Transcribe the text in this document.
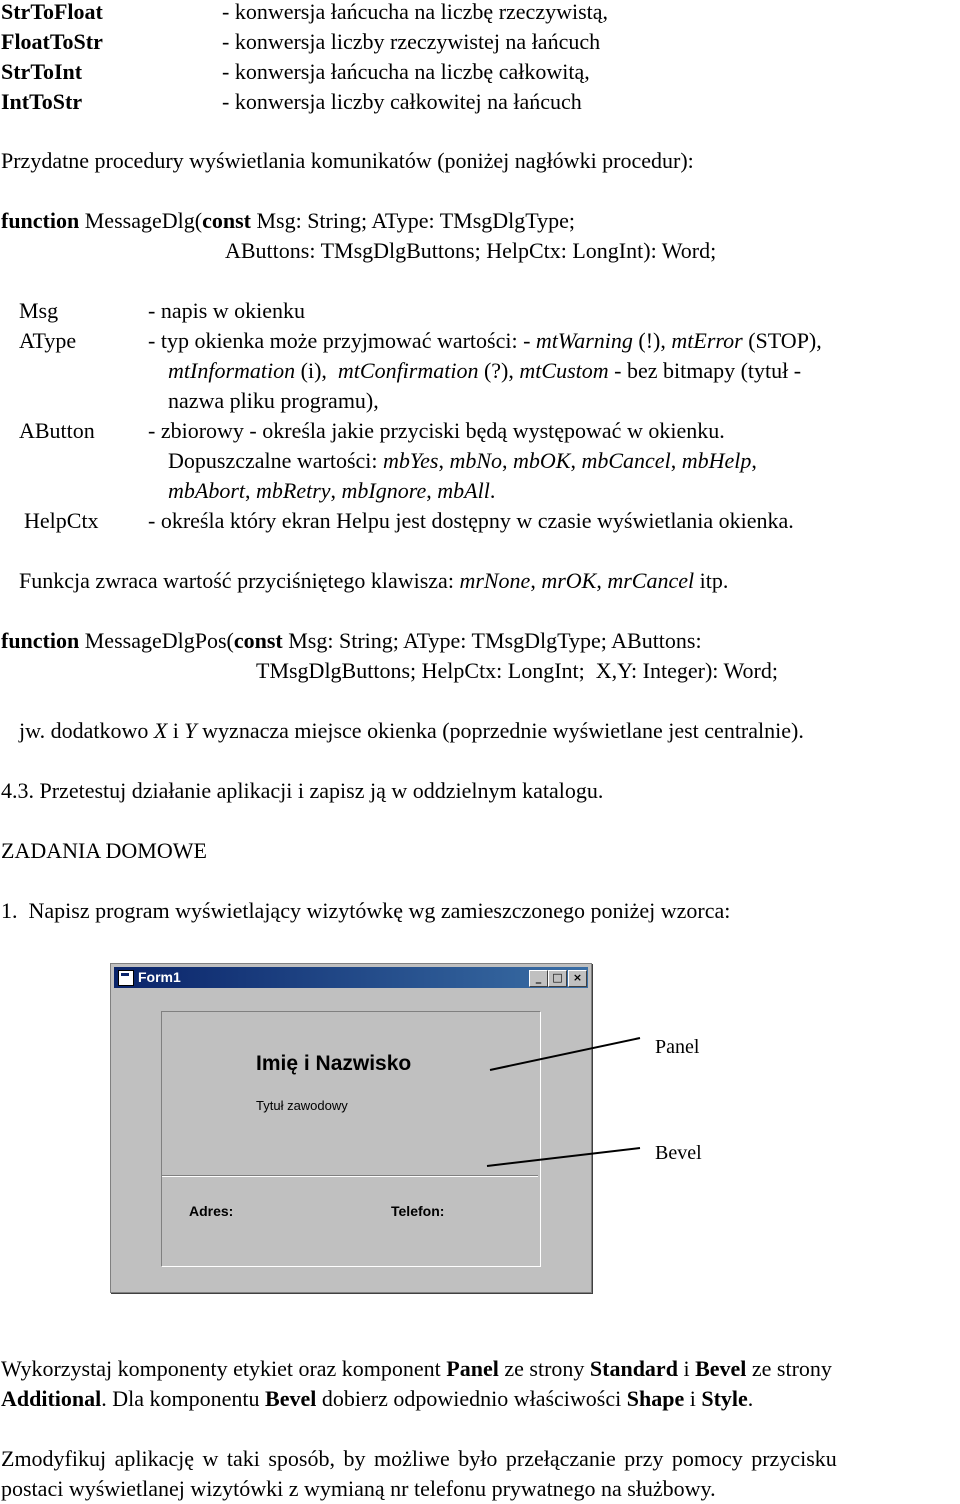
StrToFloat	- konwersja łańcucha na liczbę rzeczywistą,
FloatToStr	- konwersja liczby rzeczywistej na łańcuch
StrToInt	- konwersja łańcucha na liczbę całkowitą,
IntToStr	- konwersja liczby całkowitej na łańcuch
Przydatne procedury wyświetlania komunikatów (poniżej nagłówki procedur):
function MessageDlg(const Msg: String; AType: TMsgDlgType;
AButtons: TMsgDlgButtons; HelpCtx: LongInt): Word;
Msg	- napis w okienku
AType	- typ okienka może przyjmować wartości: - mtWarning (!), mtError (STOP),
mtInformation (i),  mtConfirmation (?), mtCustom - bez bitmapy (tytuł -
nazwa pliku programu),
AButton - zbiorowy - określa jakie przyciski będą występować w okienku.
Dopuszczalne wartości: mbYes, mbNo, mbOK, mbCancel, mbHelp,
mbAbort, mbRetry, mbIgnore, mbAll.
HelpCtx - określa który ekran Helpu jest dostępny w czasie wyświetlania okienka.
Funkcja zwraca wartość przyciśniętego klawisza: mrNone, mrOK, mrCancel itp.
function MessageDlgPos(const Msg: String; AType: TMsgDlgType; AButtons:
TMsgDlgButtons; HelpCtx: LongInt;  X,Y: Integer): Word;
jw. dodatkowo X i Y wyznacza miejsce okienka (poprzednie wyświetlane jest centralnie).
4.3. Przetestuj działanie aplikacji i zapisz ją w oddzielnym katalogu.
ZADANIA DOMOWE
1.  Napisz program wyświetlający wizytówkę wg zamieszczonego poniżej wzorca:
Form1	_	□ ×
Imię i Nazwisko
Tytuł zawodowy
Adres:	Telefon:
Panel
Bevel
Wykorzystaj komponenty etykiet oraz komponent Panel ze strony Standard i Bevel ze strony
Additional. Dla komponentu Bevel dobierz odpowiednio właściwości Shape i Style.
Zmodyfikuj aplikację w taki sposób, by możliwe było przełączanie przy pomocy przycisku
postaci wyświetlanej wizytówki z wymianą nr telefonu prywatnego na służbowy.
